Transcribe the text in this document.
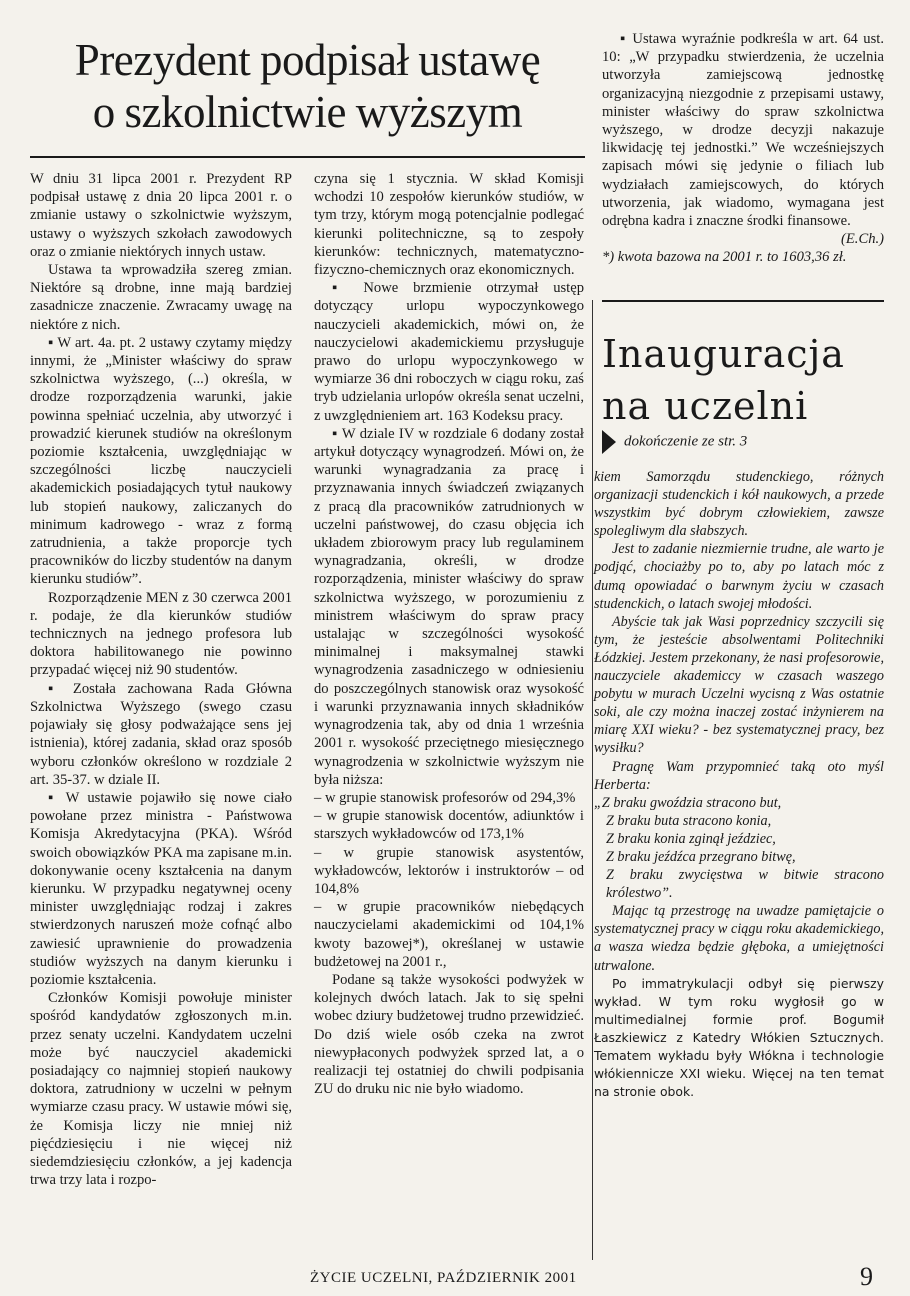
Prezydent podpisał ustawę
o szkolnictwie wyższym

W dniu 31 lipca 2001 r. Prezydent RP podpisał ustawę z dnia 20 lipca 2001 r. o zmianie ustawy o szkolnictwie wyższym, ustawy o wyższych szkołach zawodowych oraz o zmianie niektórych innych ustaw.

Ustawa ta wprowadziła szereg zmian. Niektóre są drobne, inne mają bardziej zasadnicze znaczenie. Zwracamy uwagę na niektóre z nich.

▪ W art. 4a. pt. 2 ustawy czytamy między innymi, że „Minister właściwy do spraw szkolnictwa wyższego, (...) określa, w drodze rozporządzenia warunki, jakie powinna spełniać uczelnia, aby utworzyć i prowadzić kierunek studiów na określonym poziomie kształcenia, uwzględniając w szczególności liczbę nauczycieli akademickich posiadających tytuł naukowy lub stopień naukowy, zaliczanych do minimum kadrowego - wraz z formą zatrudnienia, a także proporcje tych pracowników do liczby studentów na danym kierunku studiów”.

Rozporządzenie MEN z 30 czerwca 2001 r. podaje, że dla kierunków studiów technicznych na jednego profesora lub doktora habilitowanego nie powinno przypadać więcej niż 90 studentów.

▪ Została zachowana Rada Główna Szkolnictwa Wyższego (swego czasu pojawiały się głosy podważające sens jej istnienia), której zadania, skład oraz sposób wyboru członków określono w rozdziale 2 art. 35-37. w dziale II.

▪ W ustawie pojawiło się nowe ciało powołane przez ministra - Państwowa Komisja Akredytacyjna (PKA). Wśród swoich obowiązków PKA ma zapisane m.in. dokonywanie oceny kształcenia na danym kierunku. W przypadku negatywnej oceny minister uwzględniając rodzaj i zakres stwierdzonych naruszeń może cofnąć albo zawiesić uprawnienie do prowadzenia studiów wyższych na danym kierunku i poziomie kształcenia.

Członków Komisji powołuje minister spośród kandydatów zgłoszonych m.in. przez senaty uczelni. Kandydatem uczelni może być nauczyciel akademicki posiadający co najmniej stopień naukowy doktora, zatrudniony w uczelni w pełnym wymiarze czasu pracy. W ustawie mówi się, że Komisja liczy nie mniej niż pięćdziesięciu i nie więcej niż siedemdziesięciu członków, a jej kadencja trwa trzy lata i rozpo-

czyna się 1 stycznia. W skład Komisji wchodzi 10 zespołów kierunków studiów, w tym trzy, którym mogą potencjalnie podlegać kierunki politechniczne, są to zespoły kierunków: technicznych, matematyczno-fizyczno-chemicznych oraz ekonomicznych.

▪ Nowe brzmienie otrzymał ustęp dotyczący urlopu wypoczynkowego nauczycieli akademickich, mówi on, że nauczycielowi akademickiemu przysługuje prawo do urlopu wypoczynkowego w wymiarze 36 dni roboczych w ciągu roku, zaś tryb udzielania urlopów określa senat uczelni, z uwzględnieniem art. 163 Kodeksu pracy.

▪ W dziale IV w rozdziale 6 dodany został artykuł dotyczący wynagrodzeń. Mówi on, że warunki wynagradzania za pracę i przyznawania innych świadczeń związanych z pracą dla pracowników zatrudnionych w uczelni państwowej, do czasu objęcia ich układem zbiorowym pracy lub regulaminem wynagradzania, określi, w drodze rozporządzenia, minister właściwy do spraw szkolnictwa wyższego, w porozumieniu z ministrem właściwym do spraw pracy ustalając w szczególności wysokość minimalnej i maksymalnej stawki wynagrodzenia zasadniczego w odniesieniu do poszczególnych stanowisk oraz wysokość i warunki przyznawania innych składników wynagrodzenia tak, aby od dnia 1 września 2001 r. wysokość przeciętnego miesięcznego wynagrodzenia w szkolnictwie wyższym nie była niższa:

– w grupie stanowisk profesorów od 294,3%

– w grupie stanowisk docentów, adiunktów i starszych wykładowców od 173,1%

– w grupie stanowisk asystentów, wykładowców, lektorów i instruktorów – od 104,8%

– w grupie pracowników niebędących nauczycielami akademickimi od 104,1% kwoty bazowej*), określanej w ustawie budżetowej na 2001 r.,

Podane są także wysokości podwyżek w kolejnych dwóch latach. Jak to się spełni wobec dziury budżetowej trudno przewidzieć. Do dziś wiele osób czeka na zwrot niewypłaconych podwyżek sprzed lat, a o realizacji tej ostatniej do chwili podpisania ZU do druku nic nie było wiadomo.

▪ Ustawa wyraźnie podkreśla w art. 64 ust. 10: „W przypadku stwierdzenia, że uczelnia utworzyła zamiejscową jednostkę organizacyjną niezgodnie z przepisami ustawy, minister właściwy do spraw szkolnictwa wyższego, w drodze decyzji nakazuje likwidację tej jednostki.” We wcześniejszych zapisach mówi się jedynie o filiach lub wydziałach zamiejscowych, do których utworzenia, jak wiadomo, wymagana jest odrębna kadra i znaczne środki finansowe.

(E.Ch.)

*) kwota bazowa na 2001 r. to 1603,36 zł.

Inauguracja
na uczelni
dokończenie ze str. 3

kiem Samorządu studenckiego, różnych organizacji studenckich i kół naukowych, a przede wszystkim być dobrym człowiekiem, zawsze spolegliwym dla słabszych.

Jest to zadanie niezmiernie trudne, ale warto je podjąć, chociażby po to, aby po latach móc z dumą opowiadać o barwnym życiu w czasach studenckich, o latach swojej młodości.

Abyście tak jak Wasi poprzednicy szczycili się tym, że jesteście absolwentami Politechniki Łódzkiej. Jestem przekonany, że nasi profesorowie, nauczyciele akademiccy w czasach waszego pobytu w murach Uczelni wycisną z Was ostatnie soki, ale czy można inaczej zostać inżynierem na miarę XXI wieku? - bez systematycznej pracy, bez wysiłku?

Pragnę Wam przypomnieć taką oto myśl Herberta:

„Z braku gwoździa stracono but,
Z braku buta stracono konia,
Z braku konia zginął jeździec,
Z braku jeźdźca przegrano bitwę,
Z braku zwycięstwa w bitwie stracono królestwo”.

Mając tą przestrogę na uwadze pamiętajcie o systematycznej pracy w ciągu roku akademickiego, a wasza wiedza będzie głęboka, a umiejętności utrwalone.

Po immatrykulacji odbył się pierwszy wykład. W tym roku wygłosił go w multimedialnej formie prof. Bogumił Łaszkiewicz z Katedry Włókien Sztucznych. Tematem wykładu były Włókna i technologie włókiennicze XXI wieku. Więcej na ten temat na stronie obok.

ŻYCIE UCZELNI, PAŹDZIERNIK 2001	9
